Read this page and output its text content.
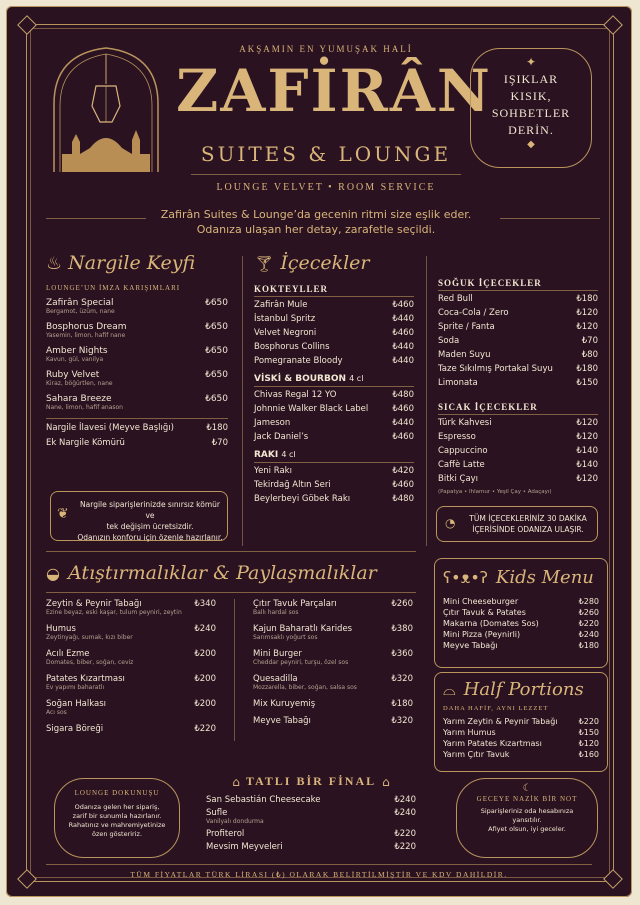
AKŞAMIN EN YUMUŞAK HALİ
ZAFİRÂN
SUITES & LOUNGE
LOUNGE VELVET • ROOM SERVICE
✦
IŞIKLAR
KISIK,
SOHBETLER
DERİN.
◆
Zafirân Suites & Lounge’da gecenin ritmi size eşlik eder.
Odanıza ulaşan her detay, zarafetle seçildi.
♨ Nargile Keyfi
LOUNGE’UN İMZA KARIŞIMLARI
Zafirân Special	₺650
Bergamot, üzüm, nane
Bosphorus Dream	₺650
Yasemin, limon, hafif nane
Amber Nights	₺650
Kavun, gül, vanilya
Ruby Velvet	₺650
Kiraz, böğürtlen, nane
Sahara Breeze	₺650
Nane, limon, hafif anason
Nargile İlavesi (Meyve Başlığı)	₺180
Ek Nargile Kömürü	₺70
❦
Nargile siparişlerinizde sınırsız kömür ve
tek değişim ücretsizdir.
Odanızın konforu için özenle hazırlanır.
🍸︎ İçecekler
KOKTEYLLER
Zafirân Mule	₺460
İstanbul Spritz	₺440
Velvet Negroni	₺460
Bosphorus Collins	₺440
Pomegranate Bloody	₺440
VİSKİ & BOURBON 4 cl
Chivas Regal 12 YO	₺480
Johnnie Walker Black Label	₺460
Jameson	₺440
Jack Daniel’s	₺460
RAKI 4 cl
Yeni Rakı	₺420
Tekirdağ Altın Seri	₺460
Beylerbeyi Göbek Rakı	₺480
SOĞUK İÇECEKLER
Red Bull	₺180
Coca-Cola / Zero	₺120
Sprite / Fanta	₺120
Soda	₺70
Maden Suyu	₺80
Taze Sıkılmış Portakal Suyu	₺180
Limonata	₺150
SICAK İÇECEKLER
Türk Kahvesi	₺120
Espresso	₺120
Cappuccino	₺140
Caffè Latte	₺140
Bitki Çayı	₺120
(Papatya • Ihlamur • Yeşil Çay • Adaçayı)
◔	TÜM İÇECEKLERİNİZ 30 DAKİKA
İÇERİSİNDE ODANIZA ULAŞIR.
◒ Atıştırmalıklar & Paylaşmalıklar
Zeytin & Peynir Tabağı	₺340
Ezine beyaz, eski kaşar, tulum peyniri, zeytin
Humus	₺240
Zeytinyağı, sumak, kızı biber
Acılı Ezme	₺200
Domates, biber, soğan, ceviz
Patates Kızartması	₺200
Ev yapımı baharatlı
Soğan Halkası	₺200
Acı sos
Sigara Böreği	₺220
Çıtır Tavuk Parçaları	₺260
Ballı hardal sos
Kajun Baharatlı Karides	₺380
Sarımsaklı yoğurt sos
Mini Burger	₺360
Cheddar peyniri, turşu, özel sos
Quesadilla	₺320
Mozzarella, biber, soğan, salsa sos
Mix Kuruyemiş	₺180
Meyve Tabağı	₺320
ʕ•ᴥ•ʔ Kids Menu
Mini Cheeseburger	₺280
Çıtır Tavuk & Patates	₺260
Makarna (Domates Sos)	₺220
Mini Pizza (Peynirli)	₺240
Meyve Tabağı	₺180
⌓ Half Portions
DAHA HAFİF, AYNI LEZZET
Yarım Zeytin & Peynir Tabağı	₺220
Yarım Humus	₺150
Yarım Patates Kızartması	₺120
Yarım Çıtır Tavuk	₺160
LOUNGE DOKUNUŞU
Odanıza gelen her sipariş,
zarif bir sunumla hazırlanır.
Rahatınız ve mahremiyetinize
özen gösteririz.
⌂ TATLI BİR FİNAL ⌂
San Sebastián Cheesecake	₺240
Sufle	₺240
Vanilyalı dondurma
Profiterol	₺220
Mevsim Meyveleri	₺220
☾
GECEYE NAZİK BİR NOT
Siparişleriniz oda hesabınıza
yansıtılır.
Afiyet olsun, iyi geceler.
TÜM FİYATLAR TÜRK LİRASI (₺) OLARAK BELİRTİLMİŞTİR VE KDV DAHİLDİR.
